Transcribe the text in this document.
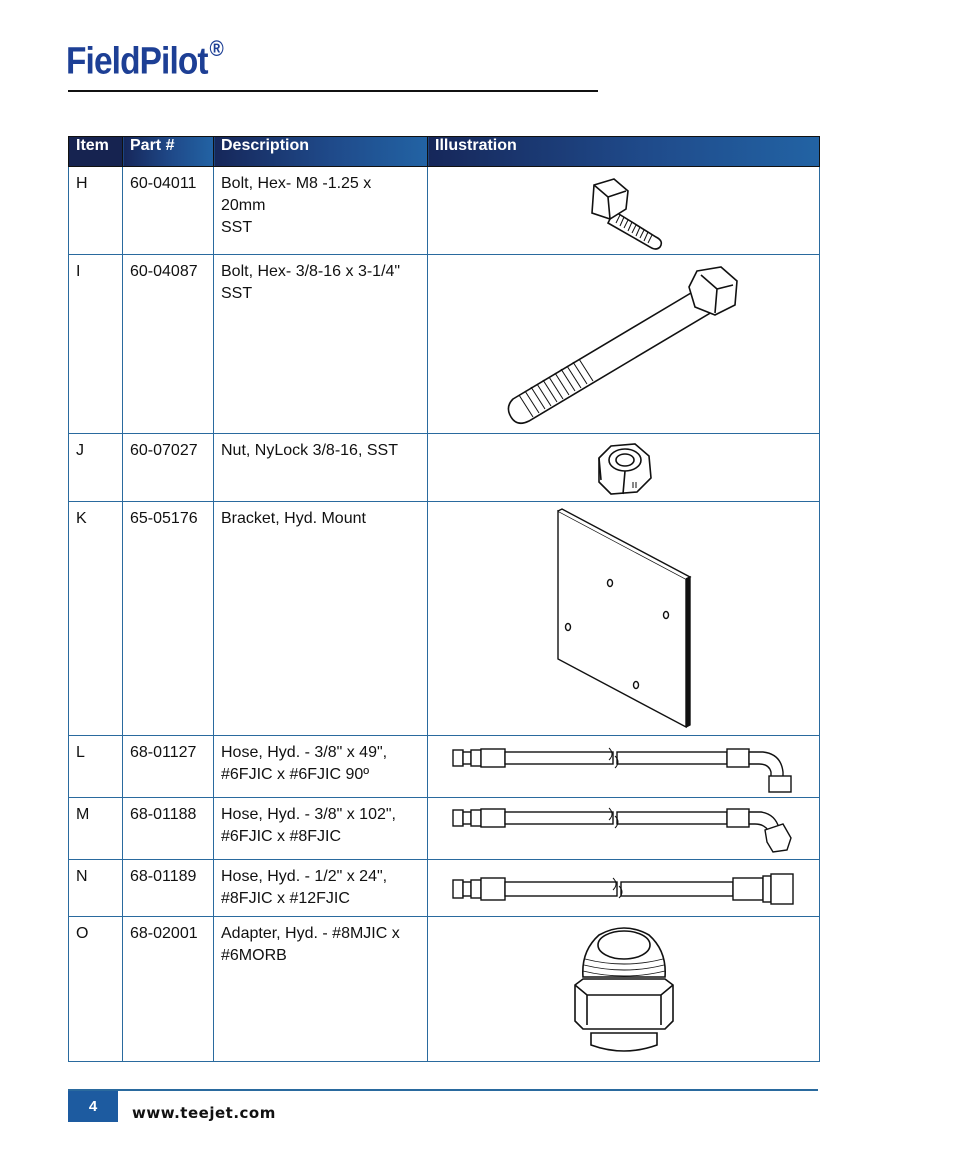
FieldPilot®
Item	Part #	Description	Illustration
H	60-04011	Bolt, Hex- M8 -1.25 x 20mm
SST

I	60-04087	Bolt, Hex- 3/8-16 x 3-1/4"
SST

J	60-07027	Nut, NyLock 3/8-16, SST

K	65-05176	Bracket, Hyd. Mount

L	68-01127	Hose, Hyd. - 3/8" x 49",
#6FJIC x #6FJIC 90º

M	68-01188	Hose, Hyd. - 3/8" x 102",
#6FJIC x #8FJIC

N	68-01189	Hose, Hyd. - 1/2" x 24",
#8FJIC x #12FJIC

O	68-02001	Adapter, Hyd. - #8MJIC x
#6MORB

4	www.teejet.com
